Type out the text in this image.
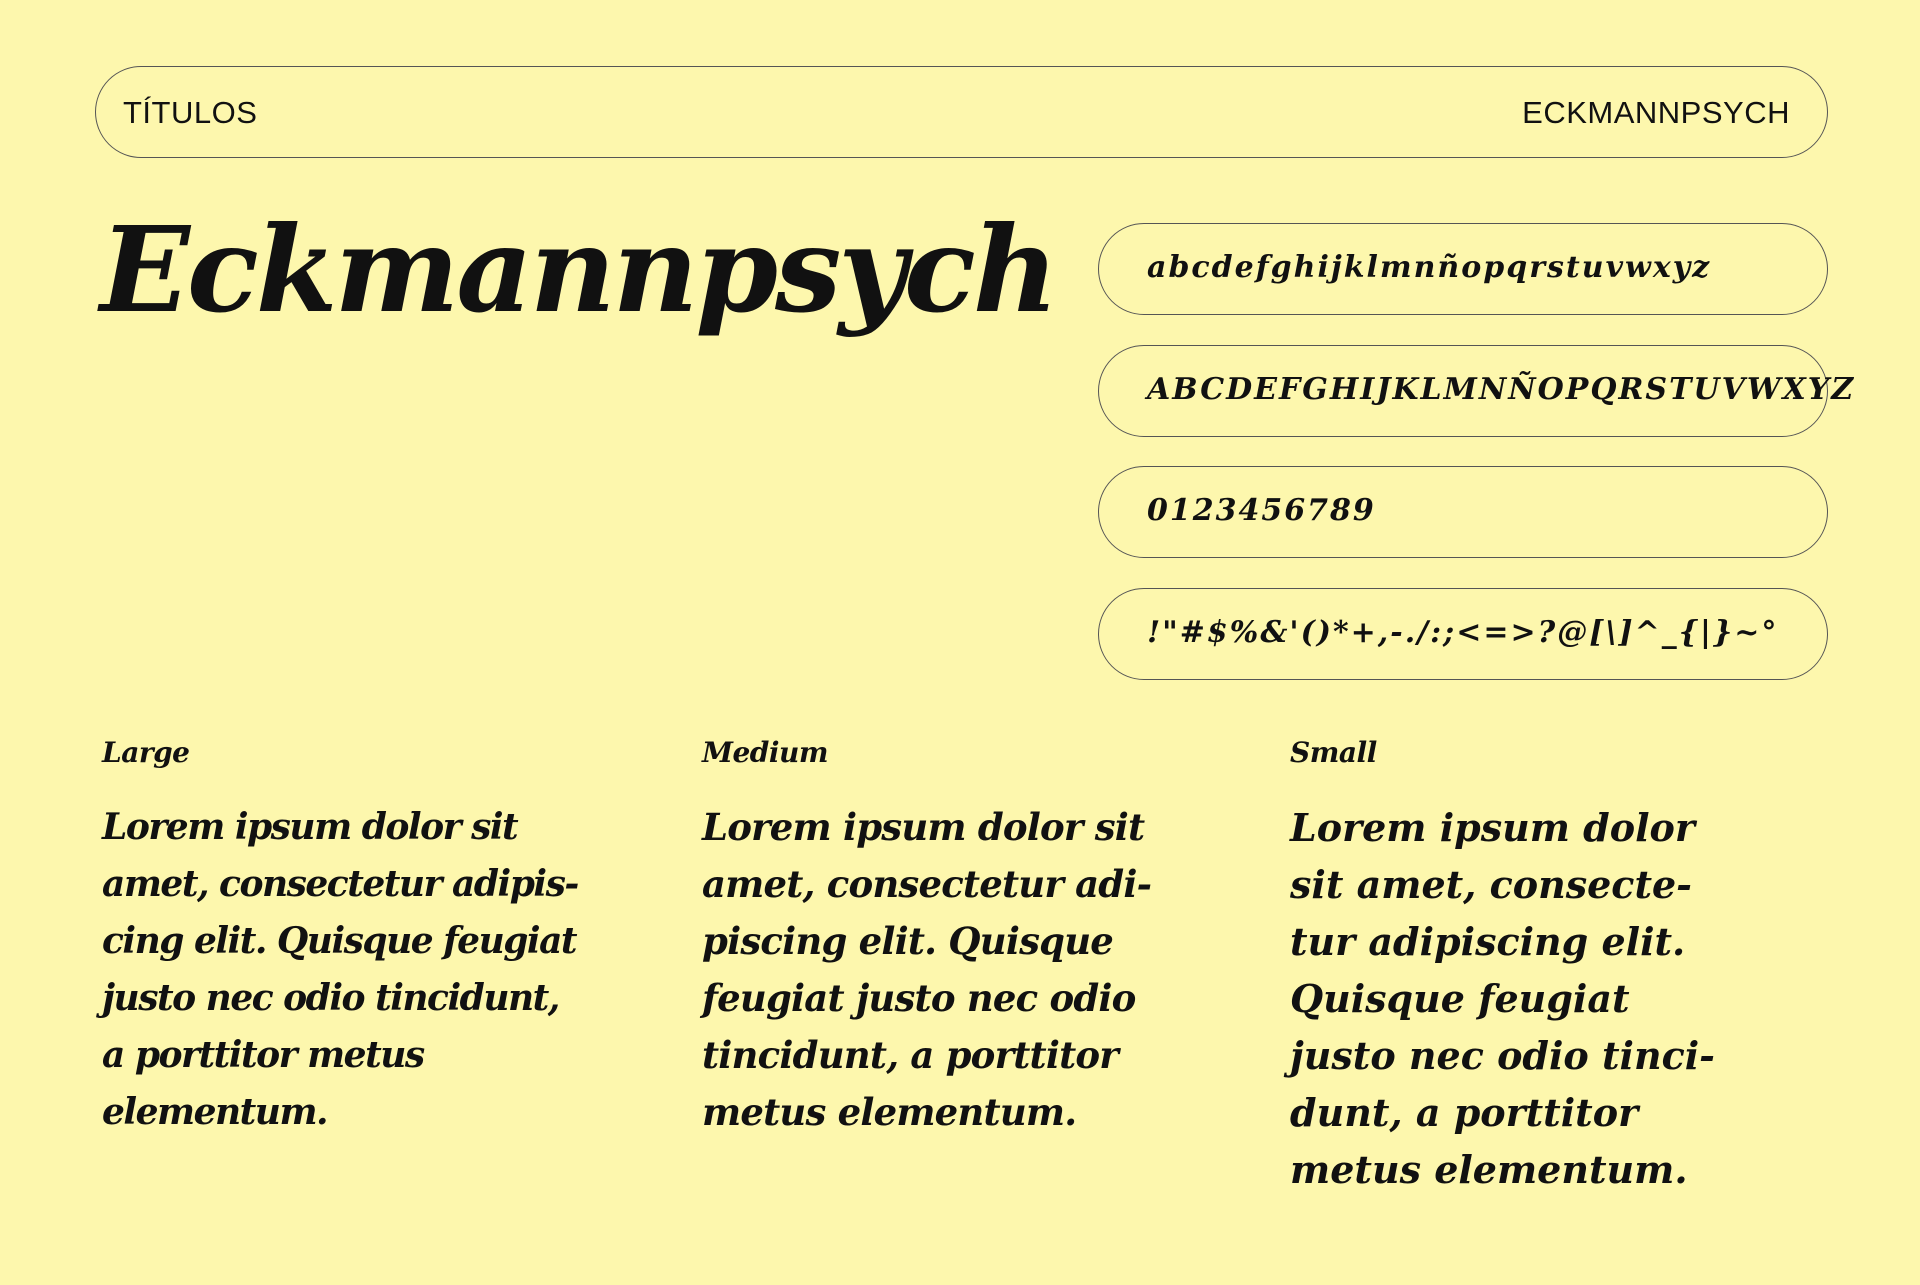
TÍTULOS	ECKMANNPSYCH
Eckmannpsych	abcdefghijklmnñopqrstuvwxyz
ABCDEFGHIJKLMNÑOPQRSTUVWXYZ
0123456789
!"#$%&'()*+,-./:;<=>?@[\]^_{|}~°
Large
Lorem ipsum dolor sit
amet, consectetur adipis-
cing elit. Quisque feugiat
justo nec odio tincidunt,
a porttitor metus
elementum.
Medium
Lorem ipsum dolor sit
amet, consectetur adi-
piscing elit. Quisque
feugiat justo nec odio
tincidunt, a porttitor
metus elementum.
Small
Lorem ipsum dolor
sit amet, consecte-
tur adipiscing elit.
Quisque feugiat
justo nec odio tinci-
dunt, a porttitor
metus elementum.
